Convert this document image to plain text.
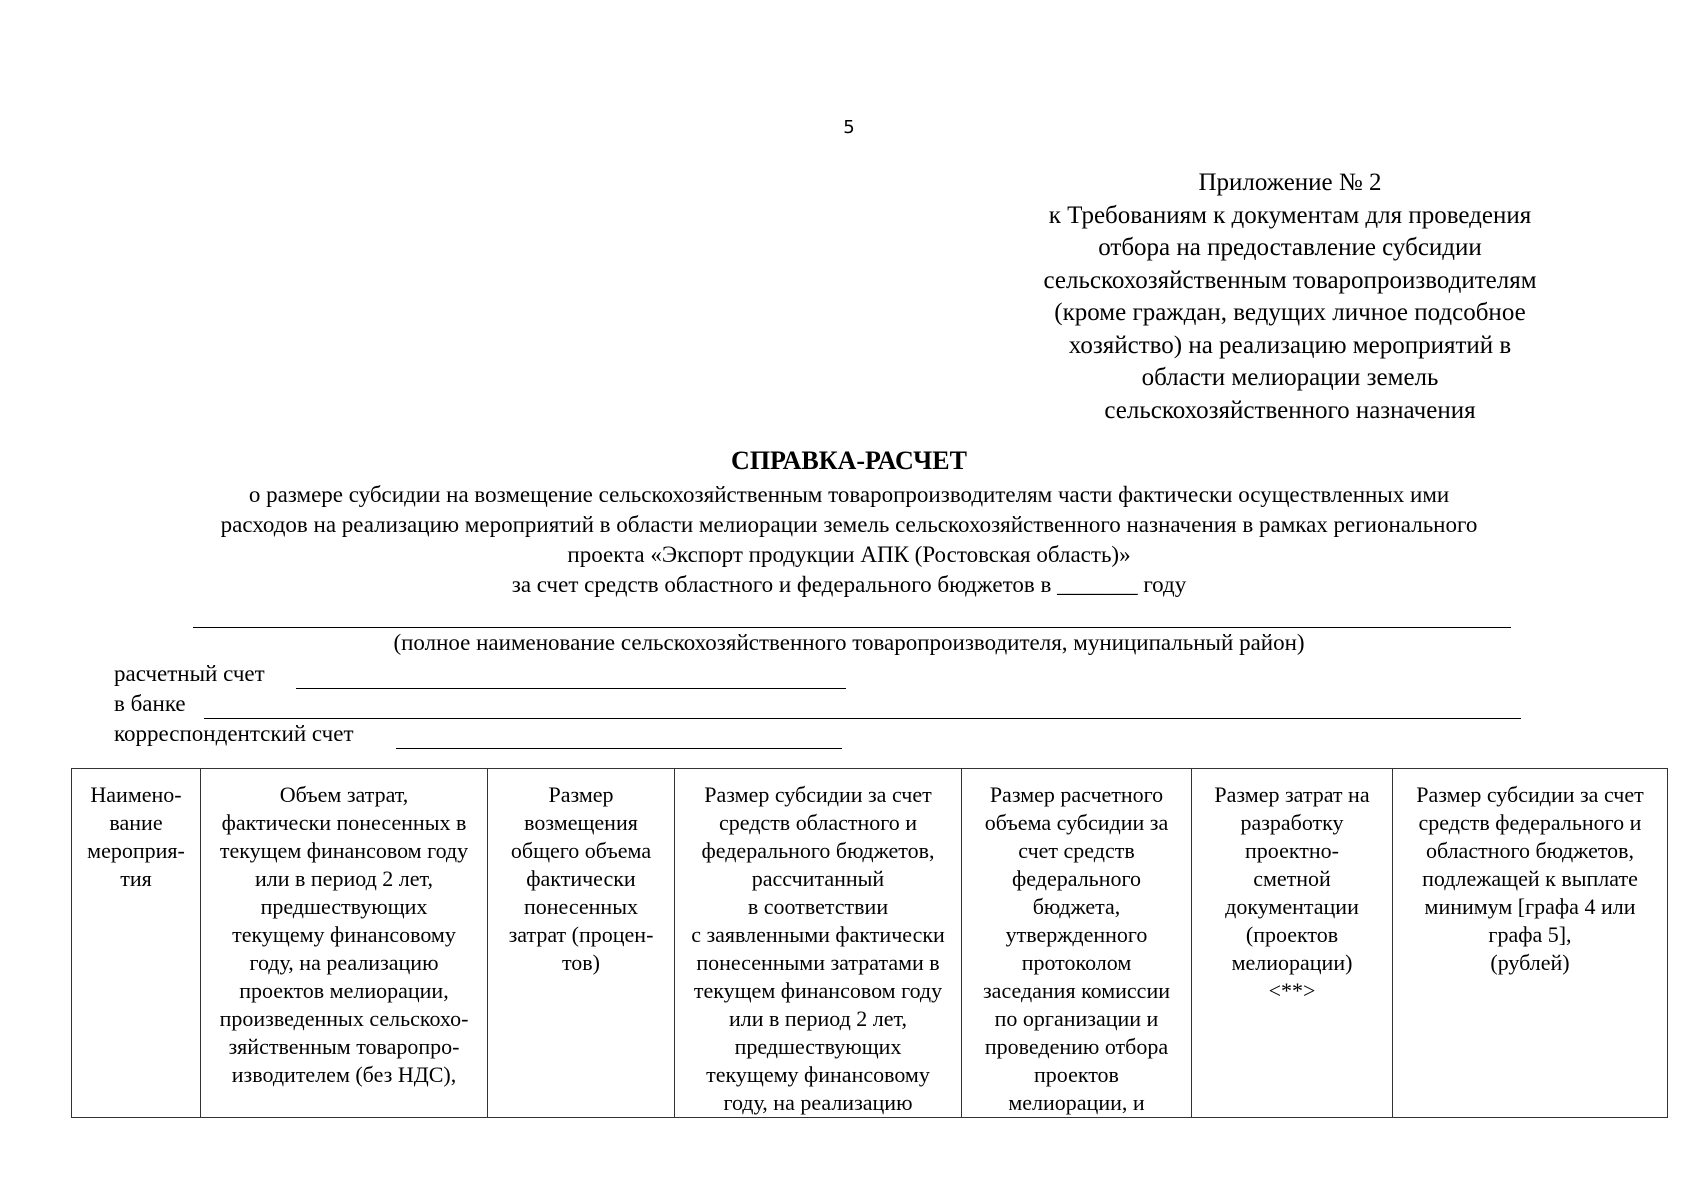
5
Приложение № 2
к Требованиям к документам для проведения
отбора на предоставление субсидии
сельскохозяйственным товаропроизводителям
(кроме граждан, ведущих личное подсобное
хозяйство) на реализацию мероприятий в
области мелиорации земель
сельскохозяйственного назначения
СПРАВКА-РАСЧЕТ
о размере субсидии на возмещение сельскохозяйственным товаропроизводителям части фактически осуществленных ими
расходов на реализацию мероприятий в области мелиорации земель сельскохозяйственного назначения в рамках регионального
проекта «Экспорт продукции АПК (Ростовская область)»
за счет средств областного и федерального бюджетов в _______ году
(полное наименование сельскохозяйственного товаропроизводителя, муниципальный район)
расчетный счет
в банке
корреспондентский счет
Наимено-
вание
мероприя-
тия

Объем затрат,
фактически понесенных в
текущем финансовом году
или в период 2 лет,
предшествующих
текущему финансовому
году, на реализацию
проектов мелиорации,
произведенных сельскохо-
зяйственным товаропро-
изводителем (без НДС),

Размер
возмещения
общего объема
фактически
понесенных
затрат (процен-
тов)

Размер субсидии за счет
средств областного и
федерального бюджетов,
рассчитанный
в соответствии
с заявленными фактически
понесенными затратами в
текущем финансовом году
или в период 2 лет,
предшествующих
текущему финансовому
году, на реализацию

Размер расчетного
объема субсидии за
счет средств
федерального
бюджета,
утвержденного
протоколом
заседания комиссии
по организации и
проведению отбора
проектов
мелиорации, и

Размер затрат на
разработку
проектно-
сметной
документации
(проектов
мелиорации)
<**>

Размер субсидии за счет
средств федерального и
областного бюджетов,
подлежащей к выплате
минимум [графа 4 или
графа 5],
(рублей)
